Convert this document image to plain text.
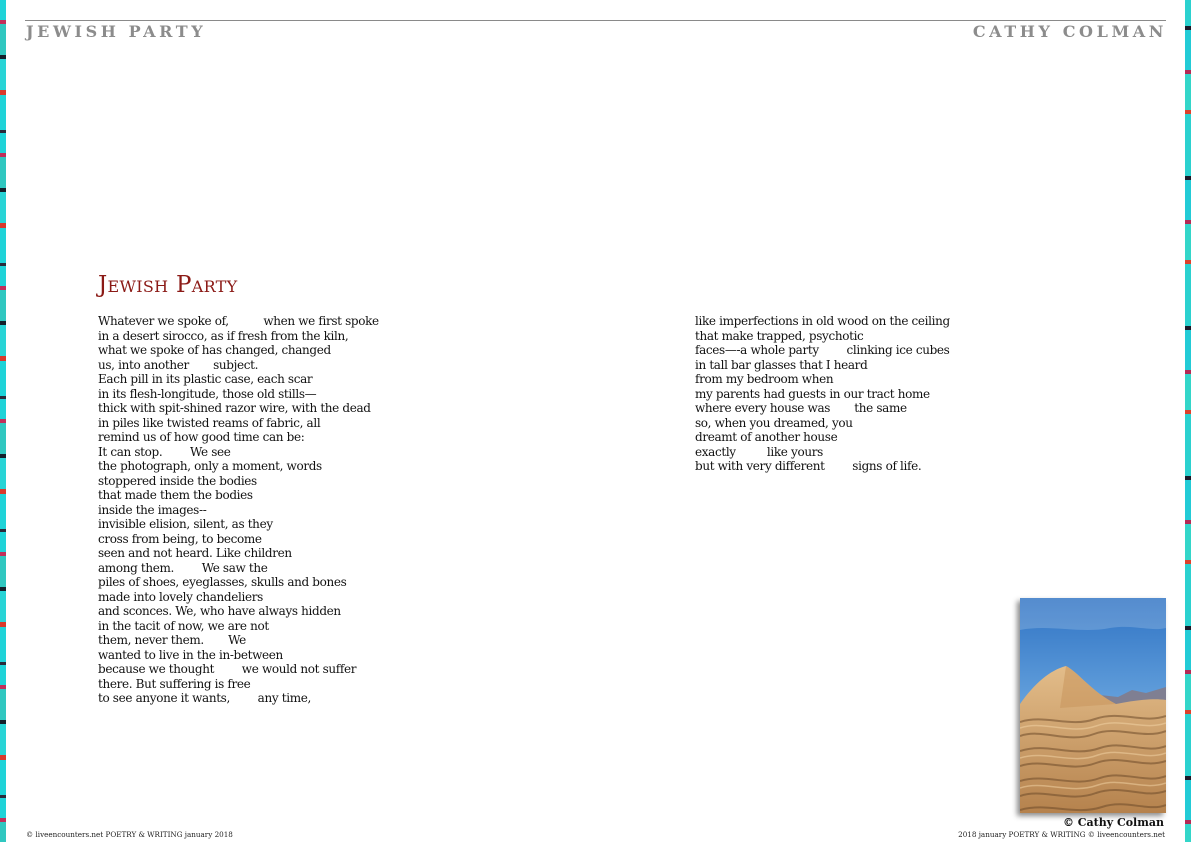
JEWISH PARTY	CATHY COLMAN
Jewish Party
Whatever we spoke of,          when we first spoke
in a desert sirocco, as if fresh from the kiln,
what we spoke of has changed, changed
us, into another       subject.
Each pill in its plastic case, each scar
in its flesh-longitude, those old stills—
thick with spit-shined razor wire, with the dead
in piles like twisted reams of fabric, all
remind us of how good time can be:
It can stop.        We see
the photograph, only a moment, words
stoppered inside the bodies
that made them the bodies
inside the images--
invisible elision, silent, as they
cross from being, to become
seen and not heard. Like children
among them.        We saw the
piles of shoes, eyeglasses, skulls and bones
made into lovely chandeliers
and sconces. We, who have always hidden
in the tacit of now, we are not
them, never them.       We
wanted to live in the in-between
because we thought        we would not suffer
there. But suffering is free
to see anyone it wants,        any time,
like imperfections in old wood on the ceiling
that make trapped, psychotic
faces—-a whole party        clinking ice cubes
in tall bar glasses that I heard
from my bedroom when
my parents had guests in our tract home
where every house was       the same
so, when you dreamed, you
dreamt of another house
exactly         like yours
but with very different        signs of life.
© Cathy Colman
© liveencounters.net POETRY & WRITING january 2018	2018 january POETRY & WRITING © liveencounters.net
